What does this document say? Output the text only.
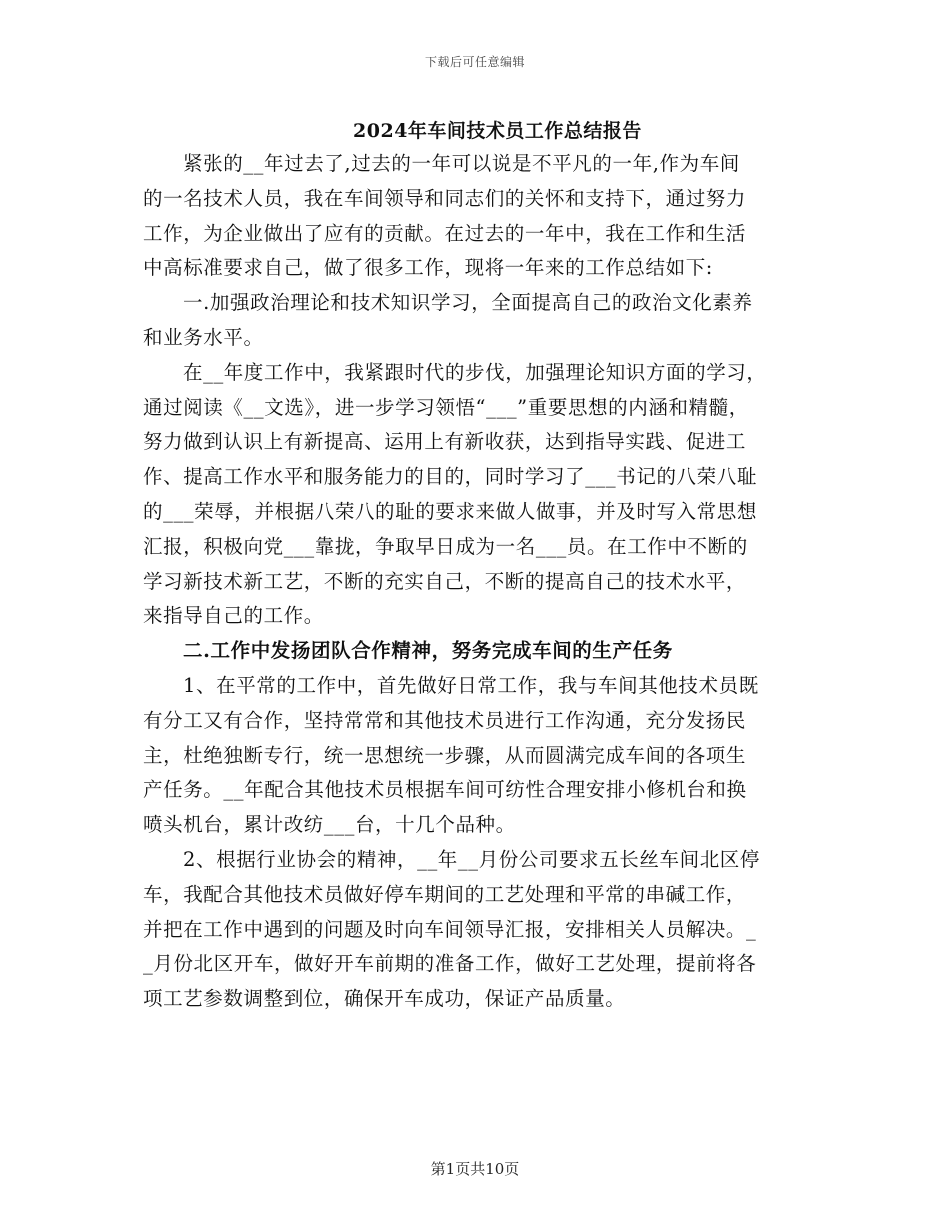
下载后可任意编辑
2024年车间技术员工作总结报告
紧张的__年过去了,过去的一年可以说是不平凡的一年,作为车间
的一名技术人员，我在车间领导和同志们的关怀和支持下，通过努力
工作，为企业做出了应有的贡献。在过去的一年中，我在工作和生活
中高标准要求自己，做了很多工作，现将一年来的工作总结如下:
一.加强政治理论和技术知识学习，全面提高自己的政治文化素养
和业务水平。
在__年度工作中，我紧跟时代的步伐，加强理论知识方面的学习，
通过阅读《__文选》，进一步学习领悟“___”重要思想的内涵和精髓，
努力做到认识上有新提高、运用上有新收获，达到指导实践、促进工
作、提高工作水平和服务能力的目的，同时学习了___书记的八荣八耻
的___荣辱，并根据八荣八的耻的要求来做人做事，并及时写入常思想
汇报，积极向党___靠拢，争取早日成为一名___员。在工作中不断的
学习新技术新工艺，不断的充实自己，不断的提高自己的技术水平，
来指导自己的工作。
二.工作中发扬团队合作精神，努务完成车间的生产任务
1、在平常的工作中，首先做好日常工作，我与车间其他技术员既
有分工又有合作，坚持常常和其他技术员进行工作沟通，充分发扬民
主，杜绝独断专行，统一思想统一步骤，从而圆满完成车间的各项生
产任务。__年配合其他技术员根据车间可纺性合理安排小修机台和换
喷头机台，累计改纺___台，十几个品种。
2、根据行业协会的精神，__年__月份公司要求五长丝车间北区停
车，我配合其他技术员做好停车期间的工艺处理和平常的串碱工作，
并把在工作中遇到的问题及时向车间领导汇报，安排相关人员解决。_
_月份北区开车，做好开车前期的准备工作，做好工艺处理，提前将各
项工艺参数调整到位，确保开车成功，保证产品质量。
第1页共10页
